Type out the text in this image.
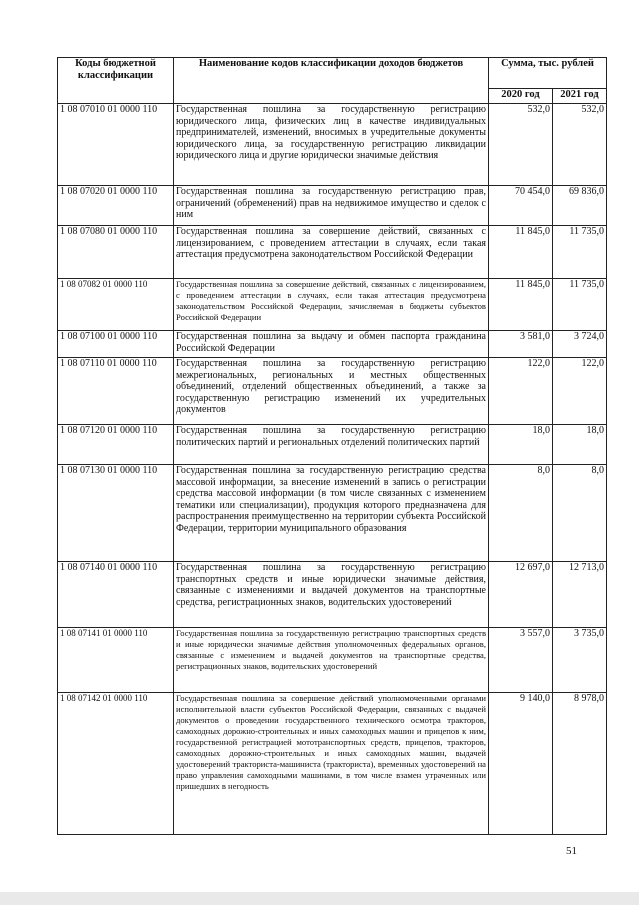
Коды бюджетной классификации	Наименование кодов классификации доходов бюджетов	Сумма, тыс. рублей	
		2020 год	2021 год
1 08 07010 01 0000 110	Государственная пошлина за государственную регистрацию юридического лица, физических лиц в качестве индивидуальных предпринимателей, изменений, вносимых в учредительные документы юридического лица, за государственную регистрацию ликвидации юридического лица и другие юридически значимые действия	532,0	532,0
1 08 07020 01 0000 110	Государственная пошлина за государственную регистрацию прав, ограничений (обременений) прав на недвижимое имущество и сделок с ним	70 454,0	69 836,0
1 08 07080 01 0000 110	Государственная пошлина за совершение действий, связанных с лицензированием, с проведением аттестации в случаях, если такая аттестация предусмотрена законодательством Российской Федерации	11 845,0	11 735,0
1 08 07082 01 0000 110	Государственная пошлина за совершение действий, связанных с лицензированием, с проведением аттестации в случаях, если такая аттестация предусмотрена законодательством Российской Федерации, зачисляемая в бюджеты субъектов Российской Федерации	11 845,0	11 735,0
1 08 07100 01 0000 110	Государственная пошлина за выдачу и обмен паспорта гражданина Российской Федерации	3 581,0	3 724,0
1 08 07110 01 0000 110	Государственная пошлина за государственную регистрацию межрегиональных, региональных и местных общественных объединений, отделений общественных объединений, а также за государственную регистрацию изменений их учредительных документов	122,0	122,0
1 08 07120 01 0000 110	Государственная пошлина за государственную регистрацию политических партий и региональных отделений политических партий	18,0	18,0
1 08 07130 01 0000 110	Государственная пошлина за государственную регистрацию средства массовой информации, за внесение изменений в запись о регистрации средства массовой информации (в том числе связанных с изменением тематики или специализации), продукция которого предназначена для распространения преимущественно на территории субъекта Российской Федерации, территории муниципального образования	8,0	8,0
1 08 07140 01 0000 110	Государственная пошлина за государственную регистрацию транспортных средств и иные юридически значимые действия, связанные с изменениями и выдачей документов на транспортные средства, регистрационных знаков, водительских удостоверений	12 697,0	12 713,0
1 08 07141 01 0000 110	Государственная пошлина за государственную регистрацию транспортных средств и иные юридически значимые действия уполномоченных федеральных органов, связанные с изменением и выдачей документов на транспортные средства, регистрационных знаков, водительских удостоверений	3 557,0	3 735,0
1 08 07142 01 0000 110	Государственная пошлина за совершение действий уполномоченными органами исполнительной власти субъектов Российской Федерации, связанных с выдачей документов о проведении государственного технического осмотра тракторов, самоходных дорожно-строительных и иных самоходных машин и прицепов к ним, государственной регистрацией мототранспортных средств, прицепов, тракторов, самоходных дорожно-строительных и иных самоходных машин, выдачей удостоверений тракториста-машиниста (тракториста), временных удостоверений на право управления самоходными машинами, в том числе взамен утраченных или пришедших в негодность	9 140,0	8 978,0
51
